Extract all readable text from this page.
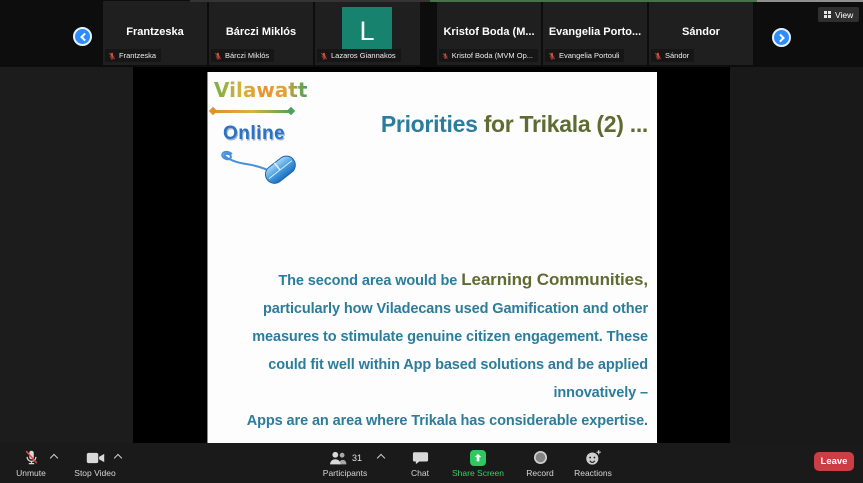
Frantzeska
Frantzeska
Bárczi Miklós
Bárczi Miklós
L
Lazaros Giannakos
Kristof Boda (M...
Kristof Boda (MVM Op...
Evangelia Porto...
Evangelia Portouli
Sándor
Sándor
View
Vilawatt
Online	Priorities for Trikala (2) ...
The second area would be Learning Communities,
particularly how Viladecans used Gamification and other
measures to stimulate genuine citizen engagement. These
could fit well within App based solutions and be applied
innovatively –
Apps are an area where Trikala has considerable expertise.
Unmute	Stop Video
31
Participants	Chat	Share Screen	Record Reactions
Leave
